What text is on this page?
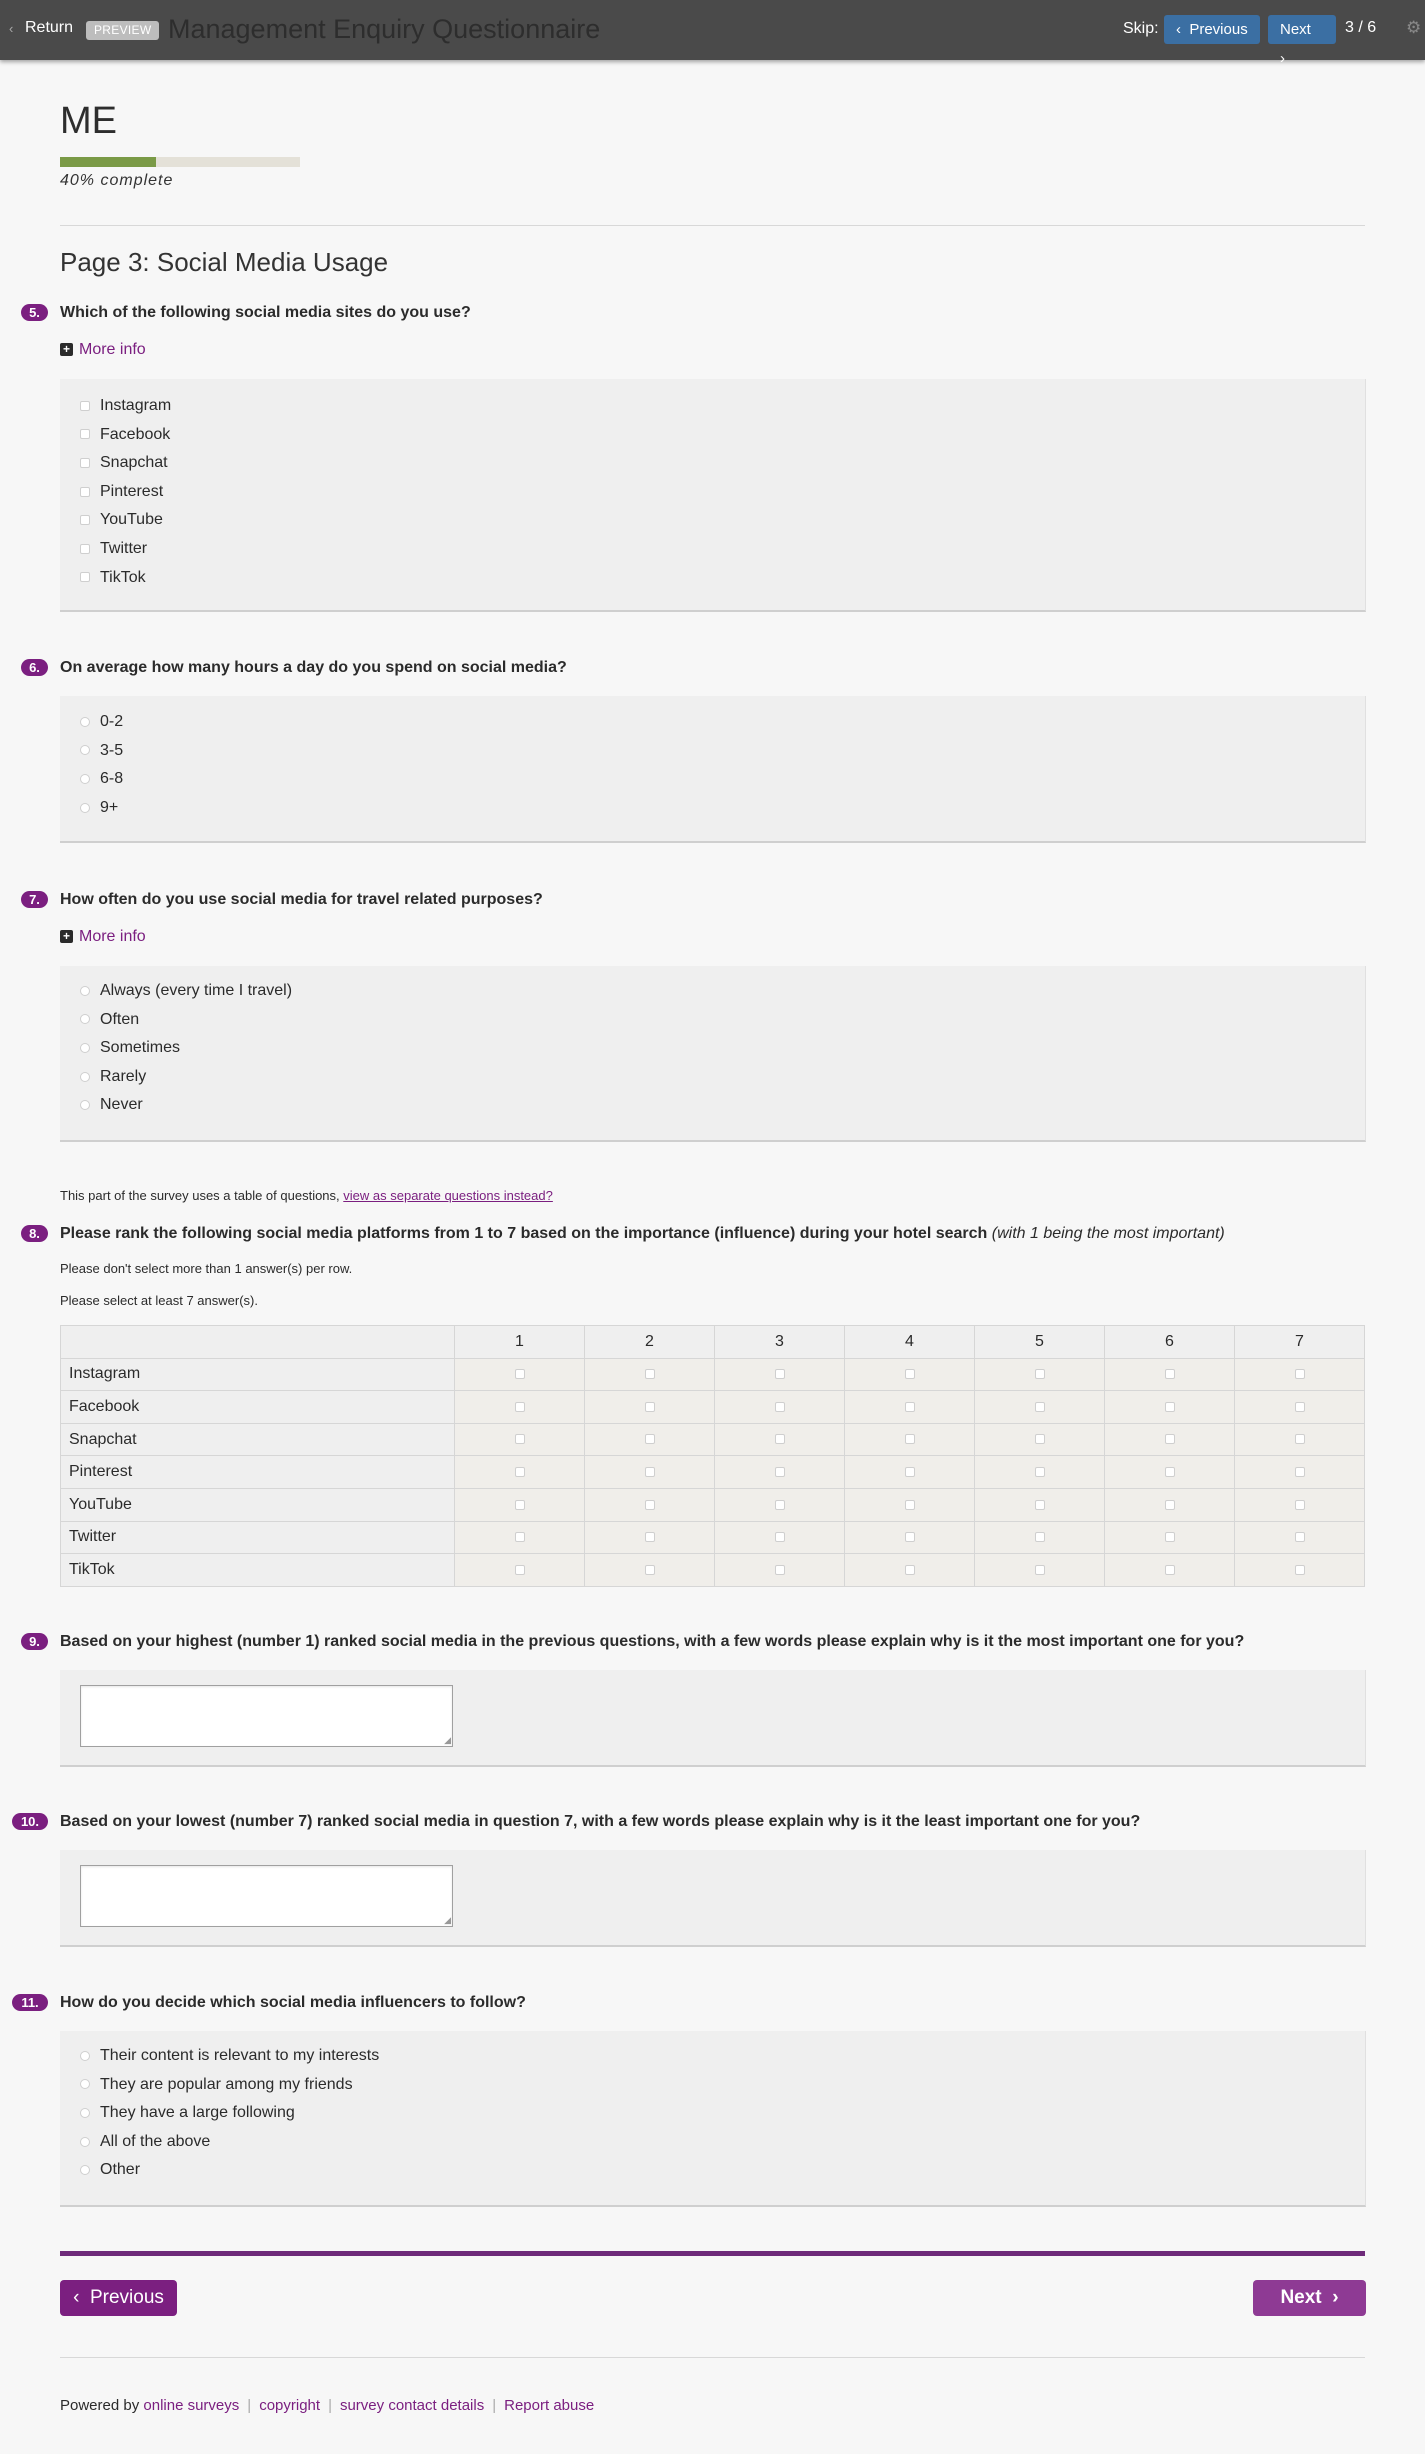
‹ Return	PREVIEW Management Enquiry Questionnaire	Skip:	‹ Previous	Next  ›
3 / 6 ⚙
ME
40% complete
Page 3: Social Media Usage
5.	Which of the following social media sites do you use?
+ More info
Instagram
Facebook
Snapchat
Pinterest
YouTube
Twitter
TikTok
6.	On average how many hours a day do you spend on social media?
0-2
3-5
6-8
9+
7.	How often do you use social media for travel related purposes?
+ More info
Always (every time I travel)
Often
Sometimes
Rarely
Never
This part of the survey uses a table of questions, view as separate questions instead?
8.	Please rank the following social media platforms from 1 to 7 based on the importance (influence) during your hotel search (with 1 being the most important)
Please don't select more than 1 answer(s) per row.
Please select at least 7 answer(s).
	1	2	3	4	5	6	7
Instagram							
Facebook							
Snapchat							
Pinterest							
YouTube							
Twitter							
TikTok							
9.	Based on your highest (number 1) ranked social media in the previous questions, with a few words please explain why is it the most important one for you?
◢
10.	Based on your lowest (number 7) ranked social media in question 7, with a few words please explain why is it the least important one for you?
◢
11.	How do you decide which social media influencers to follow?
Their content is relevant to my interests
They are popular among my friends
They have a large following
All of the above
Other
‹ Previous	Next ›
Powered by online surveys | copyright | survey contact details | Report abuse
